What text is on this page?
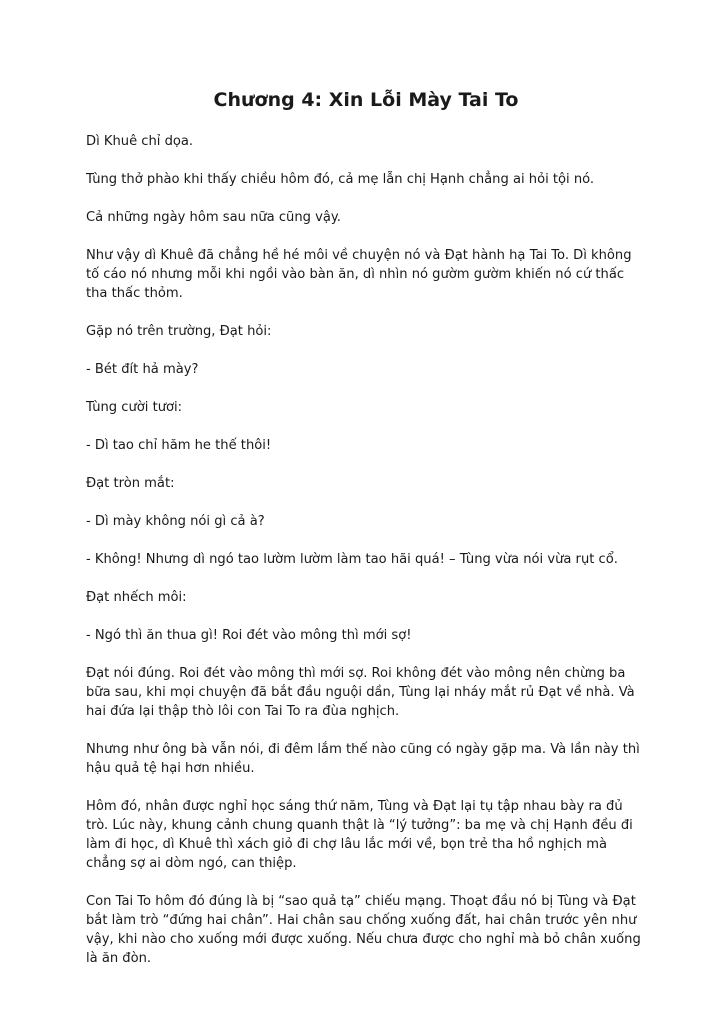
Chương 4: Xin Lỗi Mày Tai To

Dì Khuê chỉ dọa.

Tùng thở phào khi thấy chiều hôm đó, cả mẹ lẫn chị Hạnh chẳng ai hỏi tội nó.

Cả những ngày hôm sau nữa cũng vậy.

Như vậy dì Khuê đã chẳng hề hé môi về chuyện nó và Đạt hành hạ Tai To. Dì không tố cáo nó nhưng mỗi khi ngồi vào bàn ăn, dì nhìn nó gườm gườm khiến nó cứ thấc tha thấc thỏm.

Gặp nó trên trường, Đạt hỏi:

- Bét đít hả mày?

Tùng cười tươi:

- Dì tao chỉ hăm he thế thôi!

Đạt tròn mắt:

- Dì mày không nói gì cả à?

- Không! Nhưng dì ngó tao lườm lườm làm tao hãi quá! – Tùng vừa nói vừa rụt cổ.

Đạt nhếch môi:

- Ngó thì ăn thua gì! Roi đét vào mông thì mới sợ!

Đạt nói đúng. Roi đét vào mông thì mới sợ. Roi không đét vào mông nên chừng ba bữa sau, khi mọi chuyện đã bắt đầu nguội dần, Tùng lại nháy mắt rủ Đạt về nhà. Và hai đứa lại thập thò lôi con Tai To ra đùa nghịch.

Nhưng như ông bà vẫn nói, đi đêm lắm thế nào cũng có ngày gặp ma. Và lần này thì hậu quả tệ hại hơn nhiều.

Hôm đó, nhân được nghỉ học sáng thứ năm, Tùng và Đạt lại tụ tập nhau bày ra đủ trò. Lúc này, khung cảnh chung quanh thật là “lý tưởng”: ba mẹ và chị Hạnh đều đi làm đi học, dì Khuê thì xách giỏ đi chợ lâu lắc mới về, bọn trẻ tha hồ nghịch mà chẳng sợ ai dòm ngó, can thiệp.

Con Tai To hôm đó đúng là bị “sao quả tạ” chiếu mạng. Thoạt đầu nó bị Tùng và Đạt bắt làm trò “đứng hai chân”. Hai chân sau chống xuống đất, hai chân trước yên như vậy, khi nào cho xuống mới được xuống. Nếu chưa được cho nghỉ mà bỏ chân xuống là ăn đòn.
